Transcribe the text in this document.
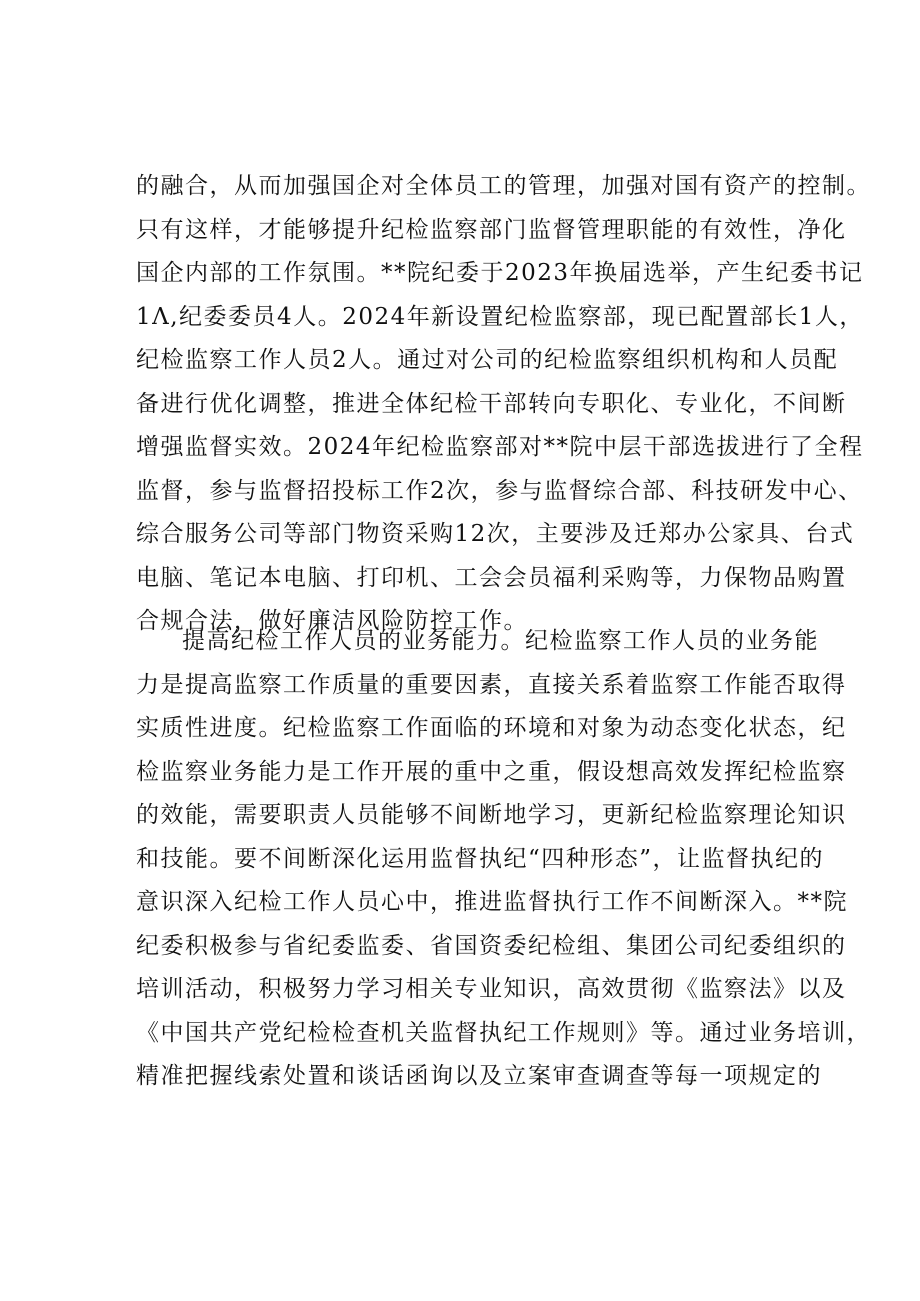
的融合，从而加强国企对全体员工的管理，加强对国有资产的控制。
只有这样，才能够提升纪检监察部门监督管理职能的有效性，净化
国企内部的工作氛围。**院纪委于2023年换届选举，产生纪委书记
1Λ,纪委委员4人。2024年新设置纪检监察部，现已配置部长1人，
纪检监察工作人员2人。通过对公司的纪检监察组织机构和人员配
备进行优化调整，推进全体纪检干部转向专职化、专业化，不间断
增强监督实效。2024年纪检监察部对**院中层干部选拔进行了全程
监督，参与监督招投标工作2次，参与监督综合部、科技研发中心、
综合服务公司等部门物资采购12次，主要涉及迁郑办公家具、台式
电脑、笔记本电脑、打印机、工会会员福利采购等，力保物品购置
合规合法，做好廉洁风险防控工作。
提高纪检工作人员的业务能力。纪检监察工作人员的业务能
力是提高监察工作质量的重要因素，直接关系着监察工作能否取得
实质性进度。纪检监察工作面临的环境和对象为动态变化状态，纪
检监察业务能力是工作开展的重中之重，假设想高效发挥纪检监察
的效能，需要职责人员能够不间断地学习，更新纪检监察理论知识
和技能。要不间断深化运用监督执纪“四种形态”，让监督执纪的
意识深入纪检工作人员心中，推进监督执行工作不间断深入。**院
纪委积极参与省纪委监委、省国资委纪检组、集团公司纪委组织的
培训活动，积极努力学习相关专业知识，高效贯彻《监察法》以及
《中国共产党纪检检查机关监督执纪工作规则》等。通过业务培训，
精准把握线索处置和谈话函询以及立案审查调查等每一项规定的
